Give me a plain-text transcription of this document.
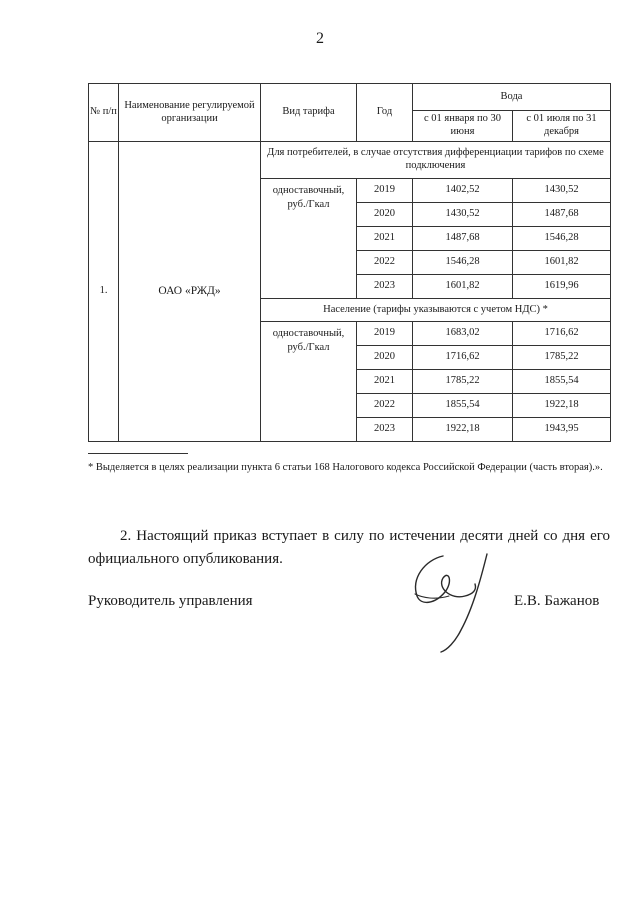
2
№ п/п	Наименование регулируемой организации	Вид тарифа	Год	Вода	
				с 01 января по 30 июня	с 01 июля по 31 декабря
1.	ОАО «РЖД»	Для потребителей, в случае отсутствия дифференциации тарифов по схеме подключения			
		одноставочный, руб./Гкал	2019	1402,52	1430,52
			2020	1430,52	1487,68
			2021	1487,68	1546,28
			2022	1546,28	1601,82
			2023	1601,82	1619,96
		Население (тарифы указываются с учетом НДС) *			
		одноставочный, руб./Гкал	2019	1683,02	1716,62
			2020	1716,62	1785,22
			2021	1785,22	1855,54
			2022	1855,54	1922,18
			2023	1922,18	1943,95
* Выделяется в целях реализации пункта 6 статьи 168 Налогового кодекса Российской Федерации (часть вторая).».
2. Настоящий приказ вступает в силу по истечении десяти дней со дня его официального опубликования.
Руководитель управления	Е.В. Бажанов
